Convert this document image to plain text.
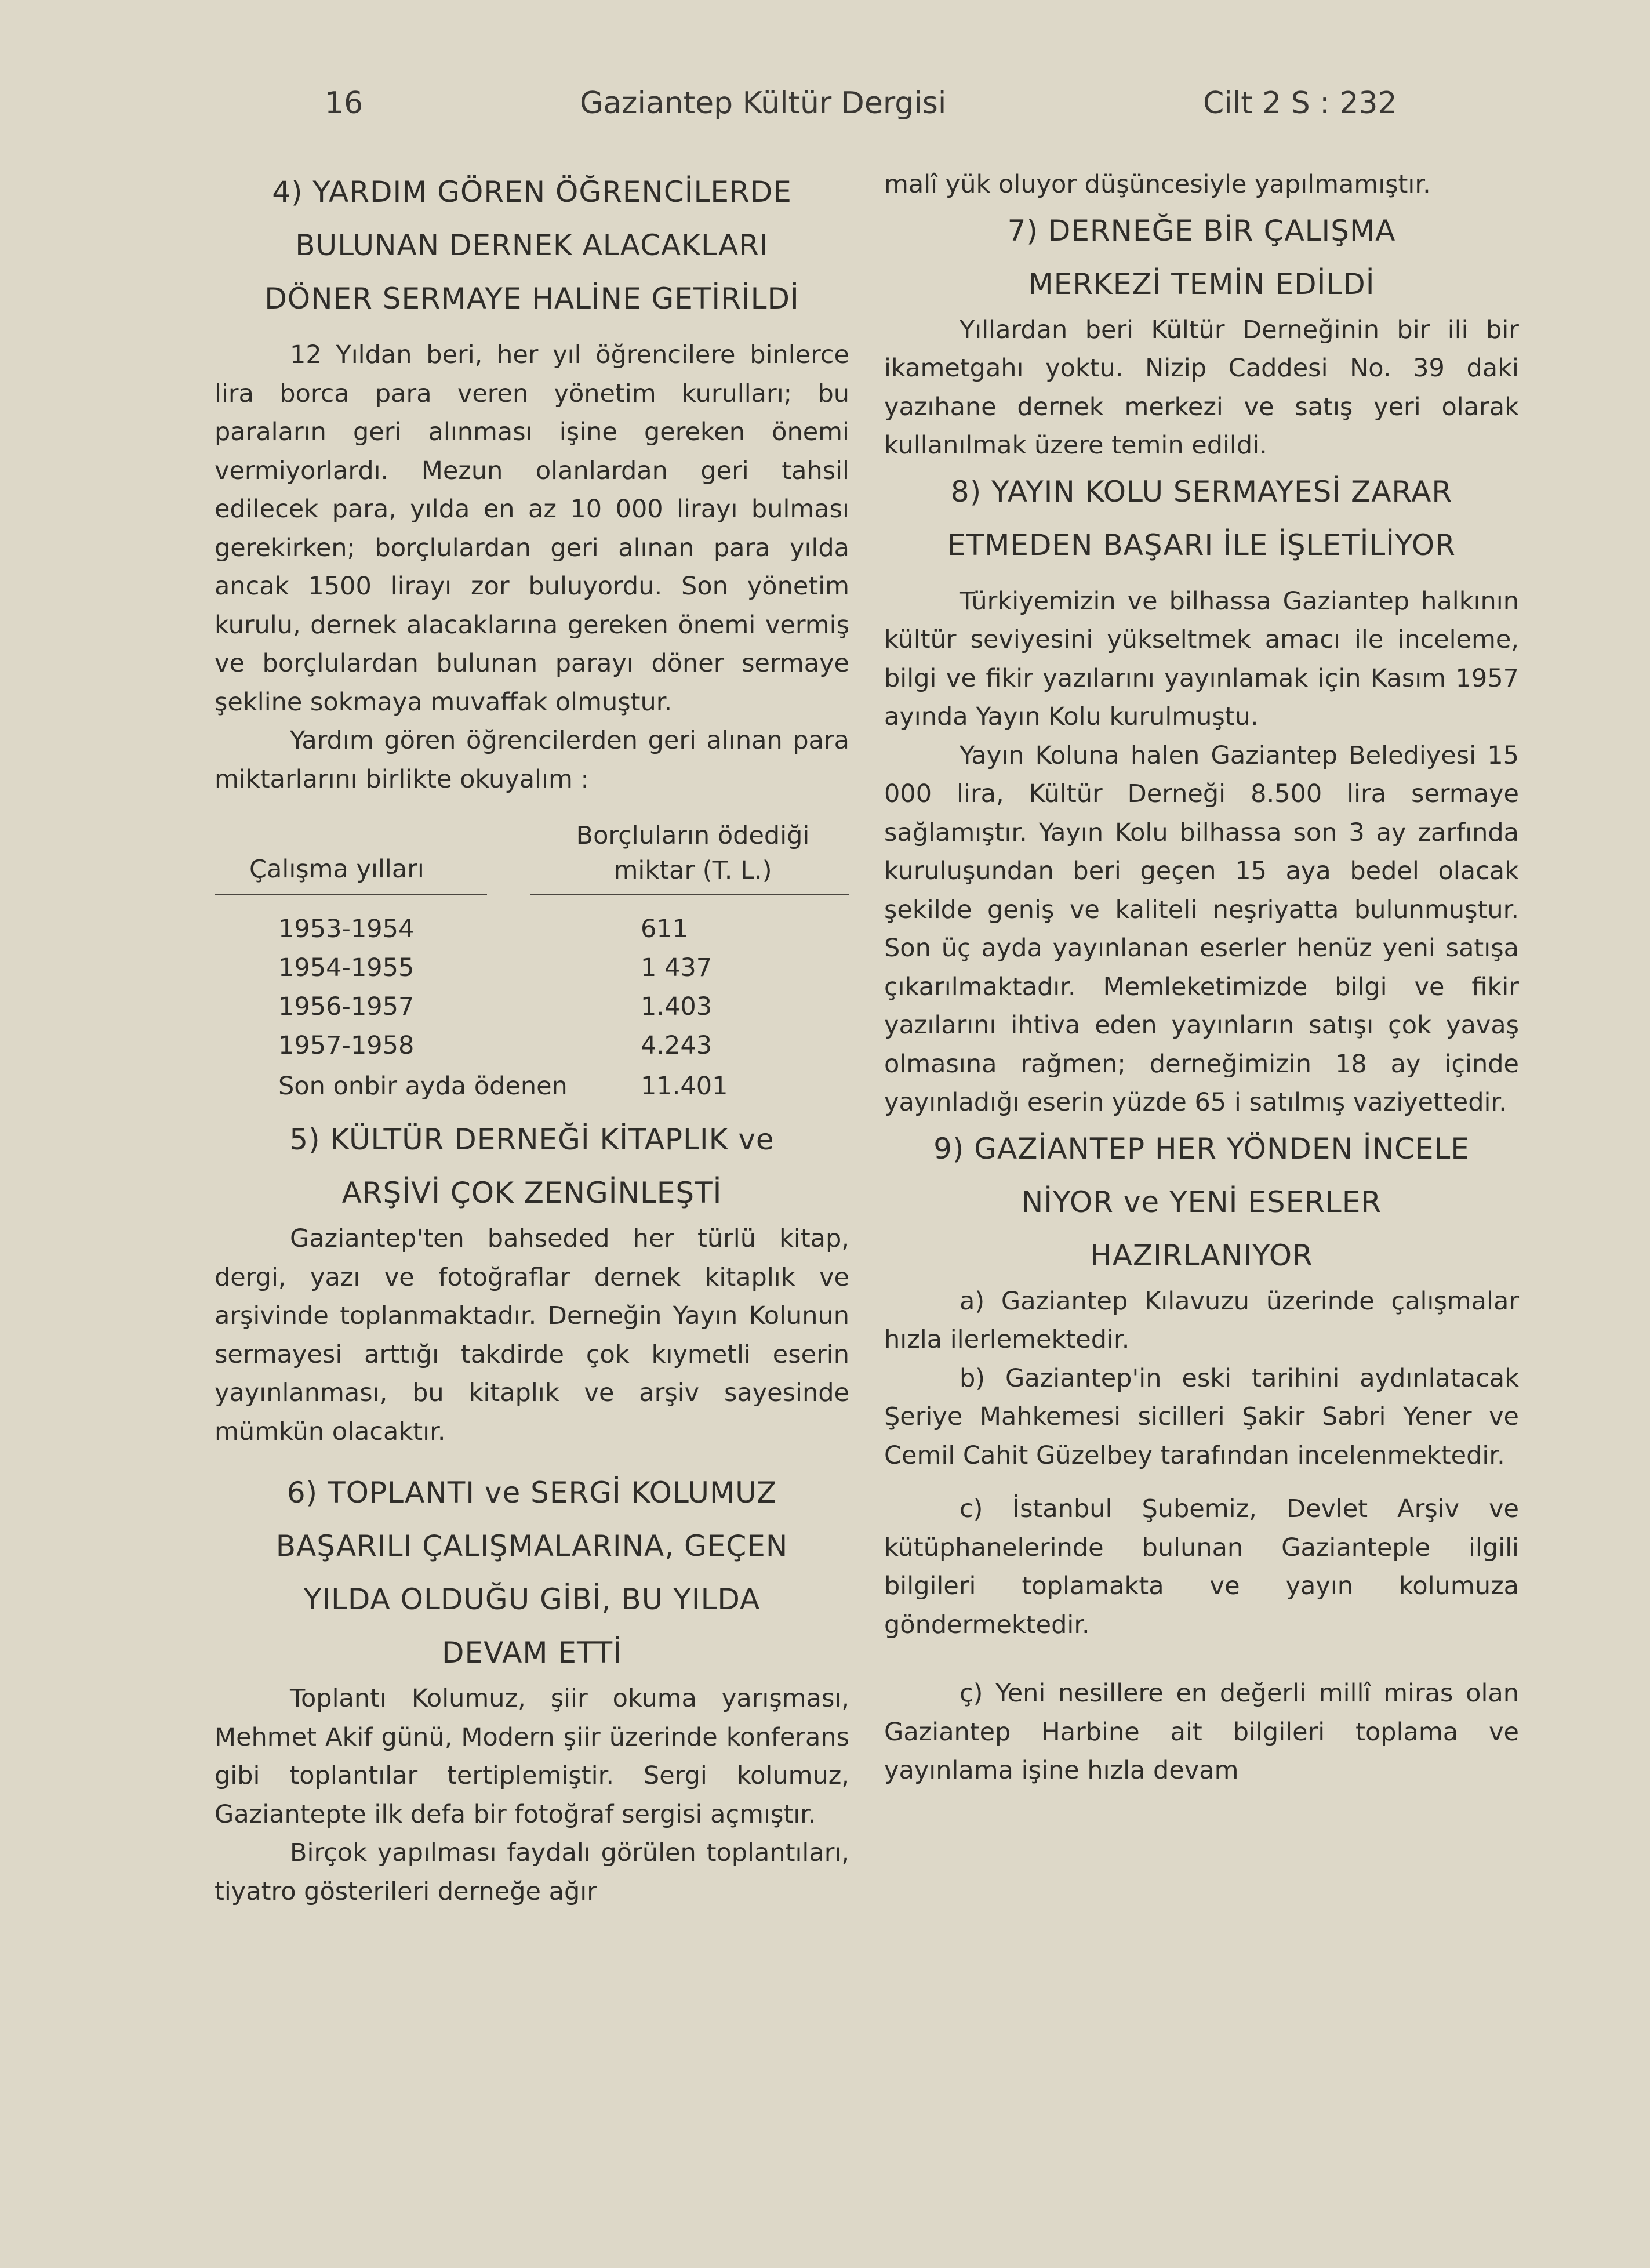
16	Gaziantep Kültür Dergisi	Cilt 2 S : 232
4) YARDIM GÖREN ÖĞRENCİLERDE
BULUNAN DERNEK ALACAKLARI
DÖNER SERMAYE HALİNE GETİRİLDİ

12 Yıldan beri, her yıl öğrencilere binlerce lira borca para veren yönetim kurulları; bu paraların geri alınması işine gereken önemi vermiyorlardı. Mezun olanlardan geri tahsil edilecek para, yılda en az 10 000 lirayı bulması gerekirken; borçlulardan geri alınan para yılda ancak 1500 lirayı zor buluyordu. Son yönetim kurulu, dernek alacaklarına gereken önemi vermiş ve borçlulardan bulunan parayı döner sermaye şekline sokmaya muvaffak olmuştur.

Yardım gören öğrencilerden geri alınan para miktarlarını birlikte okuyalım :

Çalışma yılları
Borçluların ödediği
miktar (T. L.)
1953-1954	611
1954-1955	1 437
1956-1957	1.403
1957-1958	4.243
Son onbir ayda ödenen	11.401
5) KÜLTÜR DERNEĞİ KİTAPLIK ve
ARŞİVİ ÇOK ZENGİNLEŞTİ

Gaziantep'ten bahseded her türlü kitap, dergi, yazı ve fotoğraflar dernek kitaplık ve arşivinde toplanmaktadır. Derneğin Yayın Kolunun sermayesi arttığı takdirde çok kıymetli eserin yayınlanması, bu kitaplık ve arşiv sayesinde mümkün olacaktır.

6) TOPLANTI ve SERGİ KOLUMUZ
BAŞARILI ÇALIŞMALARINA, GEÇEN
YILDA OLDUĞU GİBİ, BU YILDA
DEVAM ETTİ

Toplantı Kolumuz, şiir okuma yarışması, Mehmet Akif günü, Modern şiir üzerinde konferans gibi toplantılar tertiplemiştir. Sergi kolumuz, Gaziantepte ilk defa bir fotoğraf sergisi açmıştır.

Birçok yapılması faydalı görülen toplantıları, tiyatro gösterileri derneğe ağır

malî yük oluyor düşüncesiyle yapılmamıştır.

7) DERNEĞE BİR ÇALIŞMA
MERKEZİ TEMİN EDİLDİ

Yıllardan beri Kültür Derneğinin bir ili bir ikametgahı yoktu. Nizip Caddesi No. 39 daki yazıhane dernek merkezi ve satış yeri olarak kullanılmak üzere temin edildi.

8) YAYIN KOLU SERMAYESİ ZARAR
ETMEDEN BAŞARI İLE İŞLETİLİYOR

Türkiyemizin ve bilhassa Gaziantep halkının kültür seviyesini yükseltmek amacı ile inceleme, bilgi ve fikir yazılarını yayınlamak için Kasım 1957 ayında Yayın Kolu kurulmuştu.

Yayın Koluna halen Gaziantep Belediyesi 15 000 lira, Kültür Derneği 8.500 lira sermaye sağlamıştır. Yayın Kolu bilhassa son 3 ay zarfında kuruluşundan beri geçen 15 aya bedel olacak şekilde geniş ve kaliteli neşriyatta bulunmuştur. Son üç ayda yayınlanan eserler henüz yeni satışa çıkarılmaktadır. Memleketimizde bilgi ve fikir yazılarını ihtiva eden yayınların satışı çok yavaş olmasına rağmen; derneğimizin 18 ay içinde yayınladığı eserin yüzde 65 i satılmış vaziyettedir.

9) GAZİANTEP HER YÖNDEN İNCELE
NİYOR ve YENİ ESERLER
HAZIRLANIYOR

a) Gaziantep Kılavuzu üzerinde çalışmalar hızla ilerlemektedir.

b) Gaziantep'in eski tarihini aydınlatacak Şeriye Mahkemesi sicilleri Şakir Sabri Yener ve Cemil Cahit Güzelbey tarafından incelenmektedir.

c) İstanbul Şubemiz, Devlet Arşiv ve kütüphanelerinde bulunan Gazianteple ilgili bilgileri toplamakta ve yayın kolumuza göndermektedir.

ç) Yeni nesillere en değerli millî miras olan Gaziantep Harbine ait bilgileri toplama ve yayınlama işine hızla devam
